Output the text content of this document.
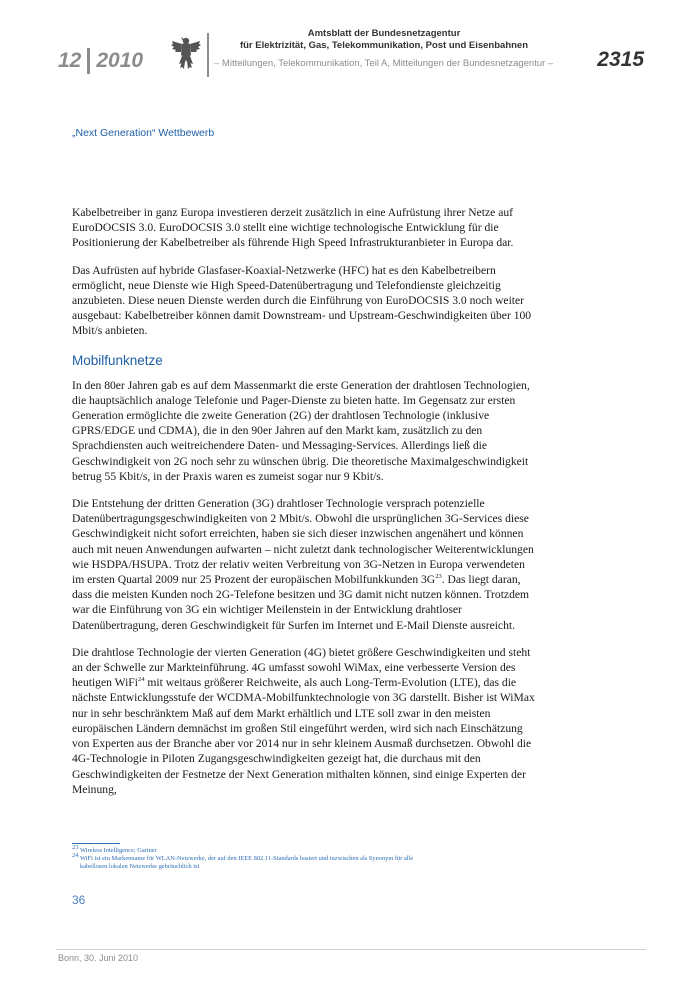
12 2010
Amtsblatt der Bundesnetzagentur
für Elektrizität, Gas, Telekommunikation, Post und Eisenbahnen
– Mitteilungen, Telekommunikation, Teil A, Mitteilungen der Bundesnetzagentur – 2315
„Next Generation“ Wettbewerb

Kabelbetreiber in ganz Europa investieren derzeit zusätzlich in eine Aufrüstung ihrer Netze auf EuroDOCSIS 3.0. EuroDOCSIS 3.0 stellt eine wichtige technologische Entwicklung für die Positionierung der Kabelbetreiber als führende High Speed Infrastrukturanbieter in Europa dar.

Das Aufrüsten auf hybride Glasfaser-Koaxial-Netzwerke (HFC) hat es den Kabelbetreibern ermöglicht, neue Dienste wie High Speed-Datenübertragung und Telefondienste gleichzeitig anzubieten. Diese neuen Dienste werden durch die Einführung von EuroDOCSIS 3.0 noch weiter ausgebaut: Kabelbetreiber können damit Downstream- und Upstream-Geschwindigkeiten über 100 Mbit/s anbieten.

Mobilfunknetze

In den 80er Jahren gab es auf dem Massenmarkt die erste Generation der drahtlosen Technologien, die hauptsächlich analoge Telefonie und Pager-Dienste zu bieten hatte. Im Gegensatz zur ersten Generation ermöglichte die zweite Generation (2G) der drahtlosen Technologie (inklusive GPRS/EDGE und CDMA), die in den 90er Jahren auf den Markt kam, zusätzlich zu den Sprachdiensten auch weitreichendere Daten- und Messaging-Services. Allerdings ließ die Geschwindigkeit von 2G noch sehr zu wünschen übrig. Die theoretische Maximalgeschwindigkeit betrug 55 Kbit/s, in der Praxis waren es zumeist sogar nur 9 Kbit/s.

Die Entstehung der dritten Generation (3G) drahtloser Technologie versprach potenzielle Datenübertragungsgeschwindigkeiten von 2 Mbit/s. Obwohl die ursprünglichen 3G-Services diese Geschwindigkeit nicht sofort erreichten, haben sie sich dieser inzwischen angenähert und können auch mit neuen Anwendungen aufwarten – nicht zuletzt dank technologischer Weiterentwicklungen wie HSDPA/HSUPA. Trotz der relativ weiten Verbreitung von 3G-Netzen in Europa verwendeten im ersten Quartal 2009 nur 25 Prozent der europäischen Mobilfunkkunden $3G^{23}$. Das liegt daran, dass die meisten Kunden noch 2G-Telefone besitzen und 3G damit nicht nutzen können. Trotzdem war die Einführung von 3G ein wichtiger Meilenstein in der Entwicklung drahtloser Datenübertragung, deren Geschwindigkeit für Surfen im Internet und E-Mail Dienste ausreicht.

Die drahtlose Technologie der vierten Generation (4G) bietet größere Geschwindigkeiten und steht an der Schwelle zur Markteinführung. 4G umfasst sowohl WiMax, eine verbesserte Version des heutigen WiFi$^{24}$ mit weitaus größerer Reichweite, als auch Long-Term-Evolution (LTE), das die nächste Entwicklungsstufe der WCDMA-Mobilfunktechnologie von 3G darstellt. Bisher ist WiMax nur in sehr beschränktem Maß auf dem Markt erhältlich und LTE soll zwar in den meisten europäischen Ländern demnächst im großen Stil eingeführt werden, wird sich nach Einschätzung von Experten aus der Branche aber vor 2014 nur in sehr kleinem Ausmaß durchsetzen. Obwohl die 4G-Technologie in Piloten Zugangsgeschwindigkeiten gezeigt hat, die durchaus mit den Geschwindigkeiten der Festnetze der Next Generation mithalten können, sind einige Experten der Meinung,

$^{23}$ Wireless Intelligence; Gartner
$^{24}$ WiFi ist ein Markenname für WLAN-Netzwerke, der auf den IEEE 802.11-Standards basiert und inzwischen als Synonym für alle
kabellosen lokalen Netzwerke gebräuchlich ist
36
Bonn, 30. Juni 2010
